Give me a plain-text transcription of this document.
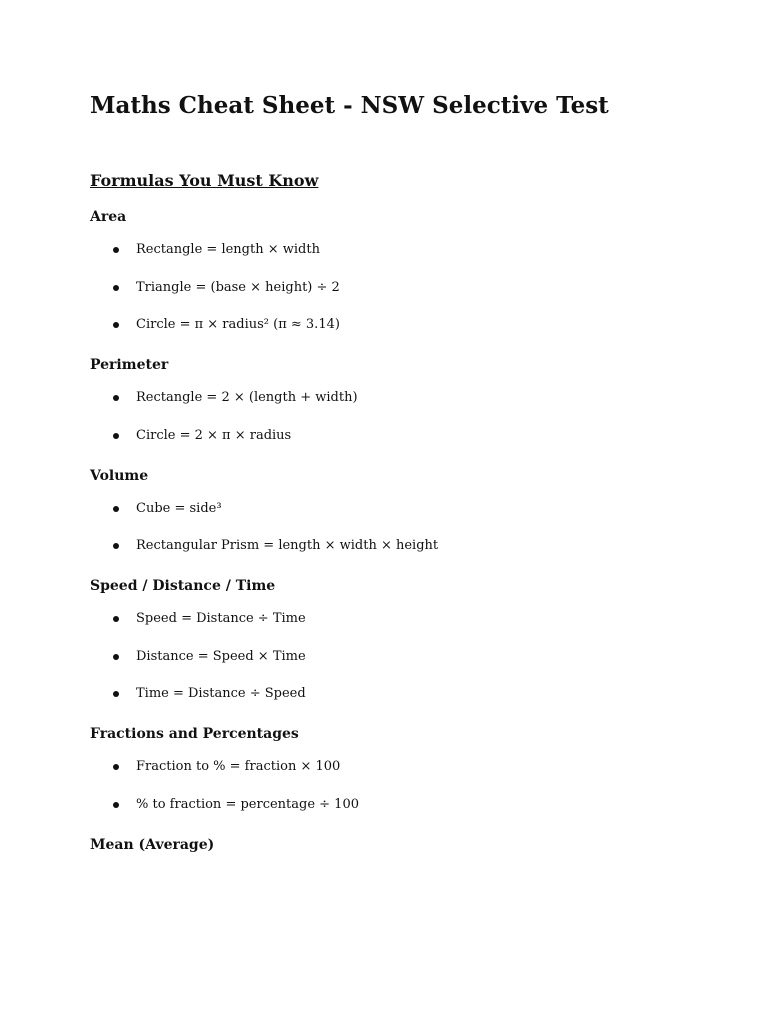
Maths Cheat Sheet - NSW Selective Test
Formulas You Must Know
Area
Rectangle = length × width
Triangle = (base × height) ÷ 2
Circle = π × radius² (π ≈ 3.14)
Perimeter
Rectangle = 2 × (length + width)
Circle = 2 × π × radius
Volume
Cube = side³
Rectangular Prism = length × width × height
Speed / Distance / Time
Speed = Distance ÷ Time
Distance = Speed × Time
Time = Distance ÷ Speed
Fractions and Percentages
Fraction to % = fraction × 100
% to fraction = percentage ÷ 100
Mean (Average)
